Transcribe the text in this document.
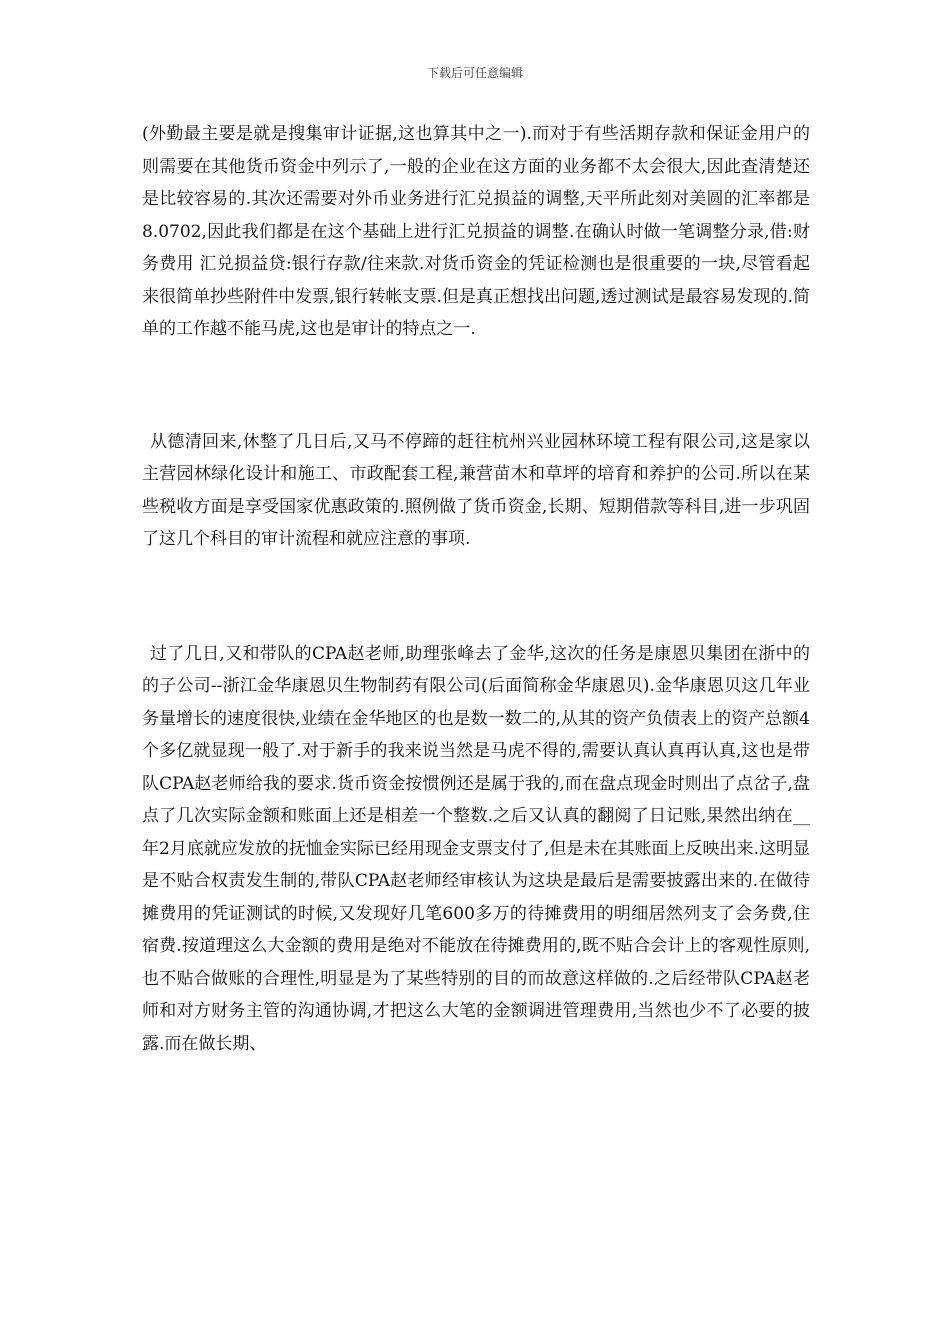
下载后可任意编辑

(外勤最主要是就是搜集审计证据,这也算其中之一).而对于有些活期存款和保证金用户的则需要在其他货币资金中列示了,一般的企业在这方面的业务都不太会很大,因此查清楚还是比较容易的.其次还需要对外币业务进行汇兑损益的调整,天平所此刻对美圆的汇率都是8.0702,因此我们都是在这个基础上进行汇兑损益的调整.在确认时做一笔调整分录,借:财务费用 汇兑损益贷:银行存款/往来款.对货币资金的凭证检测也是很重要的一块,尽管看起来很简单抄些附件中发票,银行转帐支票.但是真正想找出问题,透过测试是最容易发现的.简单的工作越不能马虎,这也是审计的特点之一.

从德清回来,休整了几日后,又马不停蹄的赶往杭州兴业园林环境工程有限公司,这是家以主营园林绿化设计和施工、市政配套工程,兼营苗木和草坪的培育和养护的公司.所以在某些税收方面是享受国家优惠政策的.照例做了货币资金,长期、短期借款等科目,进一步巩固了这几个科目的审计流程和就应注意的事项.

过了几日,又和带队的CPA赵老师,助理张峰去了金华,这次的任务是康恩贝集团在浙中的的子公司--浙江金华康恩贝生物制药有限公司(后面简称金华康恩贝).金华康恩贝这几年业务量增长的速度很快,业绩在金华地区的也是数一数二的,从其的资产负债表上的资产总额4个多亿就显现一般了.对于新手的我来说当然是马虎不得的,需要认真认真再认真,这也是带队CPA赵老师给我的要求.货币资金按惯例还是属于我的,而在盘点现金时则出了点岔子,盘点了几次实际金额和账面上还是相差一个整数.之后又认真的翻阅了日记账,果然出纳在__年2月底就应发放的抚恤金实际已经用现金支票支付了,但是未在其账面上反映出来.这明显是不贴合权责发生制的,带队CPA赵老师经审核认为这块是最后是需要披露出来的.在做待摊费用的凭证测试的时候,又发现好几笔600多万的待摊费用的明细居然列支了会务费,住宿费.按道理这么大金额的费用是绝对不能放在待摊费用的,既不贴合会计上的客观性原则,也不贴合做账的合理性,明显是为了某些特别的目的而故意这样做的.之后经带队CPA赵老师和对方财务主管的沟通协调,才把这么大笔的金额调进管理费用,当然也少不了必要的披露.而在做长期、
